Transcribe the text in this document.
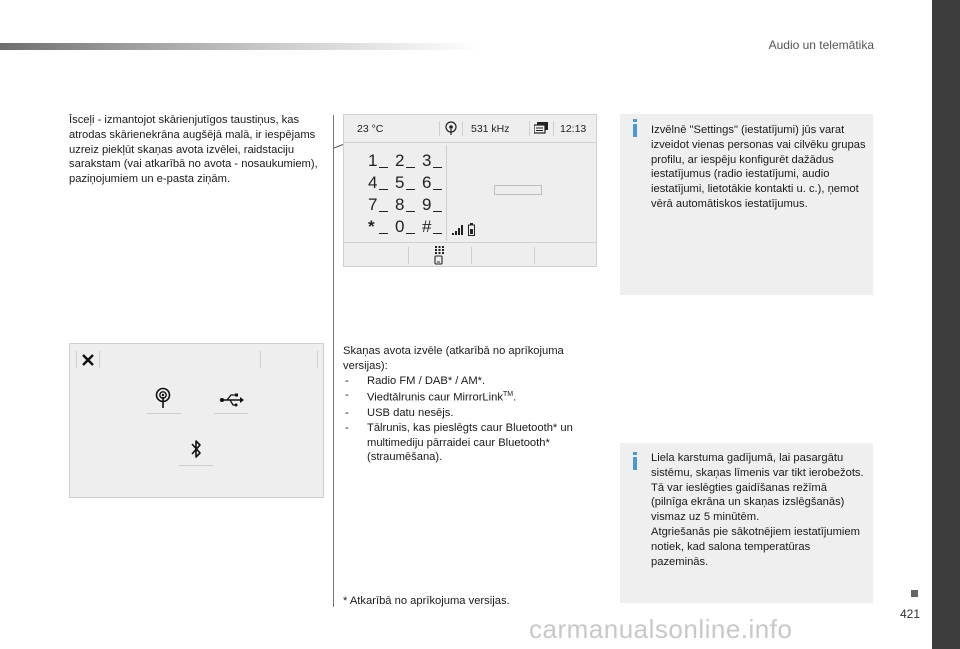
Audio un telemātika
421
Īsceļi - izmantojot skārienjutīgos taustiņus, kas atrodas skārienekrāna augšējā malā, ir iespējams uzreiz piekļūt skaņas avota izvēlei, raidstaciju sarakstam (vai atkarībā no avota - nosaukumiem), paziņojumiem un e-pasta ziņām.
23 °C	531 kHz	12:13
1 2 3
4 5 6
7 8 9
* 0 #
Izvēlnē "Settings" (iestatījumi) jūs varat izveidot vienas personas vai cilvēku grupas profilu, ar iespēju konfigurēt dažādus iestatījumus (radio iestatījumi, audio iestatījumi, lietotākie kontakti u. c.), ņemot vērā automātiskos iestatījumus.
Skaņas avota izvēle (atkarībā no aprīkojuma versijas):
- Radio FM / DAB* / AM*.
- Viedtālrunis caur MirrorLink™.
- USB datu nesējs.
- Tālrunis, kas pieslēgts caur Bluetooth* un multimediju pārraidei caur Bluetooth* (straumēšana).	Liela karstuma gadījumā, lai pasargātu sistēmu, skaņas līmenis var tikt ierobežots. Tā var ieslēgties gaidīšanas režīmā (pilnīga ekrāna un skaņas izslēgšanās) vismaz uz 5 minūtēm.
Atgriešanās pie sākotnējiem iestatījumiem notiek, kad salona temperatūras pazeminās.
* Atkarībā no aprīkojuma versijas.
carmanualsonline.info
